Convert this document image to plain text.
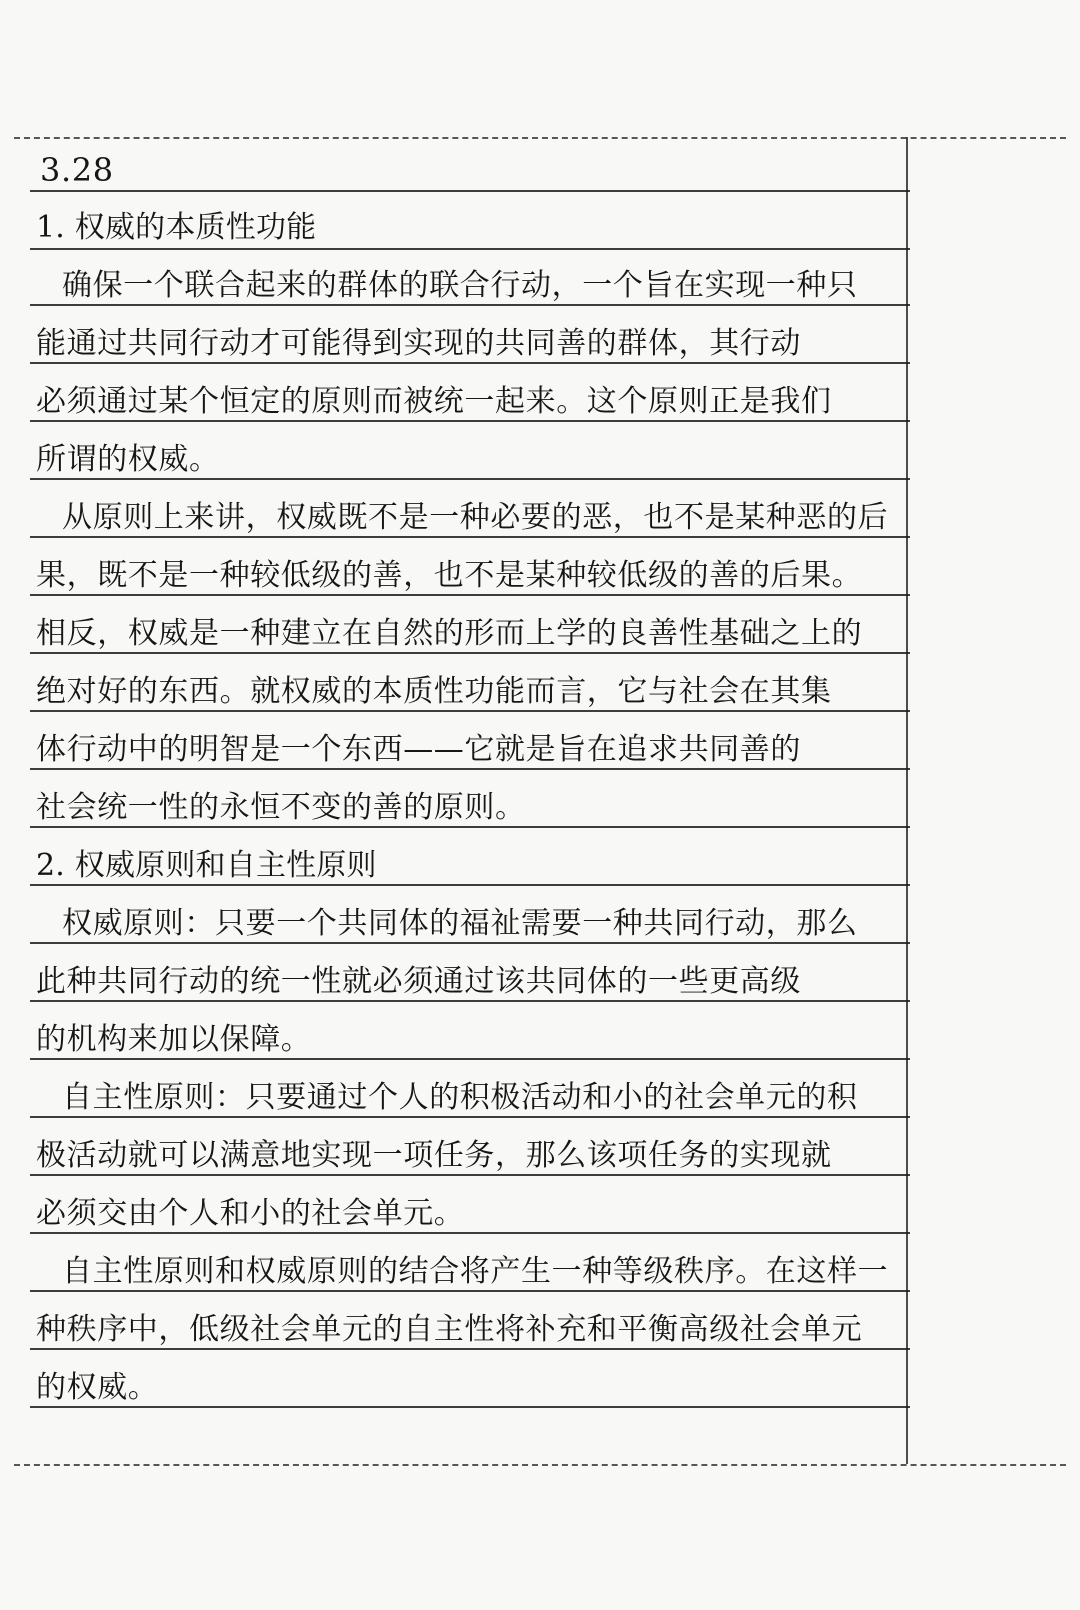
3.28
1. 权威的本质性功能
确保一个联合起来的群体的联合行动，一个旨在实现一种只
能通过共同行动才可能得到实现的共同善的群体，其行动
必须通过某个恒定的原则而被统一起来。这个原则正是我们
所谓的权威。
从原则上来讲，权威既不是一种必要的恶，也不是某种恶的后
果，既不是一种较低级的善，也不是某种较低级的善的后果。
相反，权威是一种建立在自然的形而上学的良善性基础之上的
绝对好的东西。就权威的本质性功能而言，它与社会在其集
体行动中的明智是一个东西——它就是旨在追求共同善的
社会统一性的永恒不变的善的原则。
2. 权威原则和自主性原则
权威原则：只要一个共同体的福祉需要一种共同行动，那么
此种共同行动的统一性就必须通过该共同体的一些更高级
的机构来加以保障。
自主性原则：只要通过个人的积极活动和小的社会单元的积
极活动就可以满意地实现一项任务，那么该项任务的实现就
必须交由个人和小的社会单元。
自主性原则和权威原则的结合将产生一种等级秩序。在这样一
种秩序中，低级社会单元的自主性将补充和平衡高级社会单元
的权威。
